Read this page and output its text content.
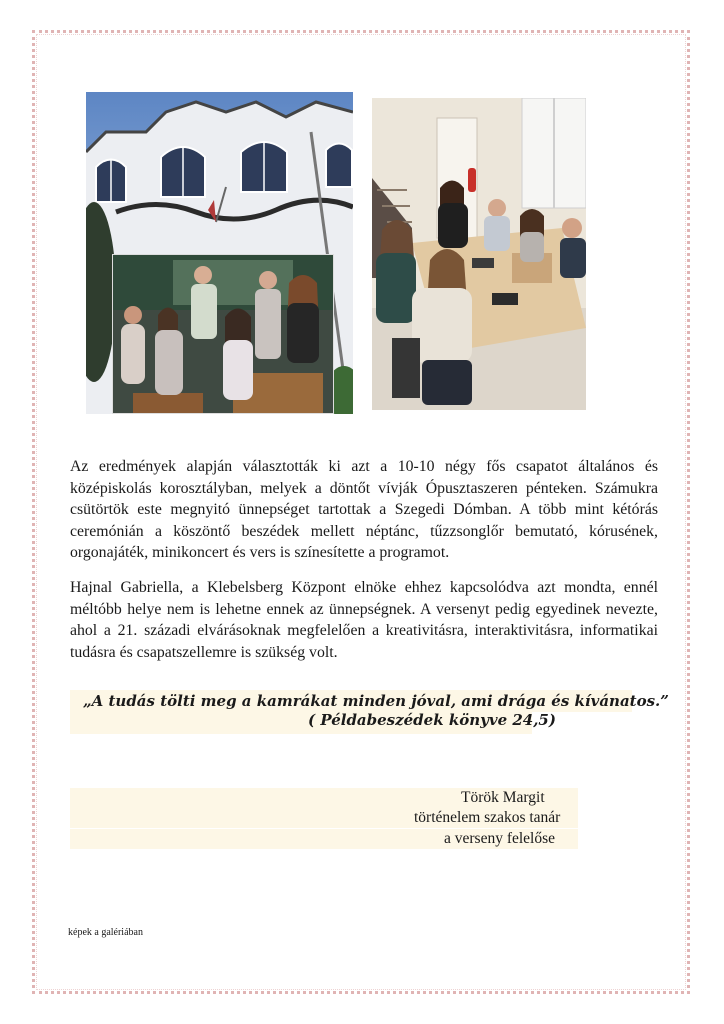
Az eredmények alapján választották ki azt a 10-10 négy fős csapatot általános és középiskolás korosztályban, melyek a döntőt vívják Ópusztaszeren pénteken. Számukra csütörtök este megnyitó ünnepséget tartottak a Szegedi Dómban. A több mint kétórás ceremónián a köszöntő beszédek mellett néptánc, tűzzsonglőr bemutató, kórusének, orgonajáték, minikoncert és vers is színesítette a programot.

Hajnal Gabriella, a Klebelsberg Központ elnöke ehhez kapcsolódva azt mondta, ennél méltóbb helye nem is lehetne ennek az ünnepségnek. A versenyt pedig egyedinek nevezte, ahol a 21. századi elvárásoknak megfelelően a kreativitásra, interaktivitásra, informatikai tudásra és csapatszellemre is szükség volt.

„A tudás tölti meg a kamrákat minden jóval, ami drága és kívánatos.”
( Példabeszédek könyve 24,5)
Török Margit
történelem szakos tanár
a verseny felelőse
képek a galériában
